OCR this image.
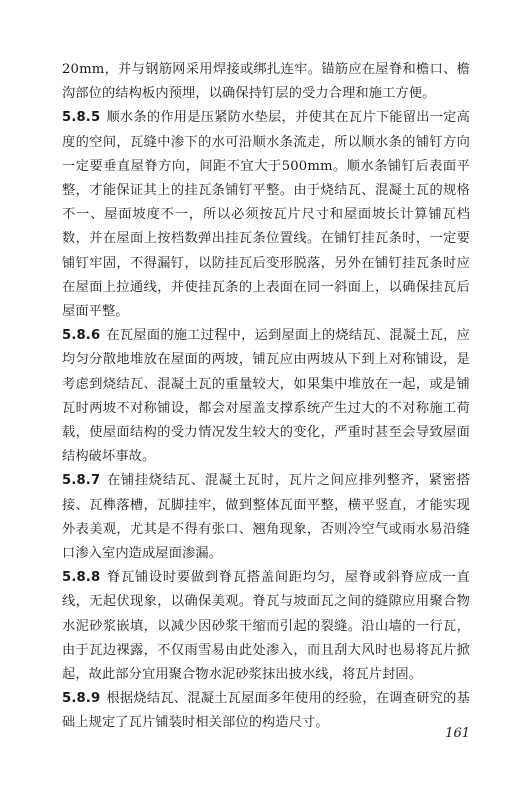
20mm，并与钢筋网采用焊接或绑扎连牢。锚筋应在屋脊和檐口、檐沟部位的结构板内预埋，以确保持钉层的受力合理和施工方便。

5.8.5 顺水条的作用是压紧防水垫层，并使其在瓦片下能留出一定高度的空间，瓦缝中渗下的水可沿顺水条流走，所以顺水条的铺钉方向一定要垂直屋脊方向，间距不宜大于500mm。顺水条铺钉后表面平整，才能保证其上的挂瓦条铺钉平整。由于烧结瓦、混凝土瓦的规格不一、屋面坡度不一，所以必须按瓦片尺寸和屋面坡长计算铺瓦档数，并在屋面上按档数弹出挂瓦条位置线。在铺钉挂瓦条时，一定要铺钉牢固，不得漏钉，以防挂瓦后变形脱落，另外在铺钉挂瓦条时应在屋面上拉通线，并使挂瓦条的上表面在同一斜面上，以确保挂瓦后屋面平整。

5.8.6 在瓦屋面的施工过程中，运到屋面上的烧结瓦、混凝土瓦，应均匀分散地堆放在屋面的两坡，铺瓦应由两坡从下到上对称铺设，是考虑到烧结瓦、混凝土瓦的重量较大，如果集中堆放在一起，或是铺瓦时两坡不对称铺设，都会对屋盖支撑系统产生过大的不对称施工荷载，使屋面结构的受力情况发生较大的变化，严重时甚至会导致屋面结构破坏事故。

5.8.7 在铺挂烧结瓦、混凝土瓦时，瓦片之间应排列整齐，紧密搭接、瓦榫落槽，瓦脚挂牢，做到整体瓦面平整，横平竖直，才能实现外表美观，尤其是不得有张口、翘角现象，否则冷空气或雨水易沿缝口渗入室内造成屋面渗漏。

5.8.8 脊瓦铺设时要做到脊瓦搭盖间距均匀，屋脊或斜脊应成一直线，无起伏现象，以确保美观。脊瓦与坡面瓦之间的缝隙应用聚合物水泥砂浆嵌填，以减少因砂浆干缩而引起的裂缝。沿山墙的一行瓦，由于瓦边裸露，不仅雨雪易由此处渗入，而且刮大风时也易将瓦片掀起，故此部分宜用聚合物水泥砂浆抹出披水线，将瓦片封固。

5.8.9 根据烧结瓦、混凝土瓦屋面多年使用的经验，在调查研究的基础上规定了瓦片铺装时相关部位的构造尺寸。

161
